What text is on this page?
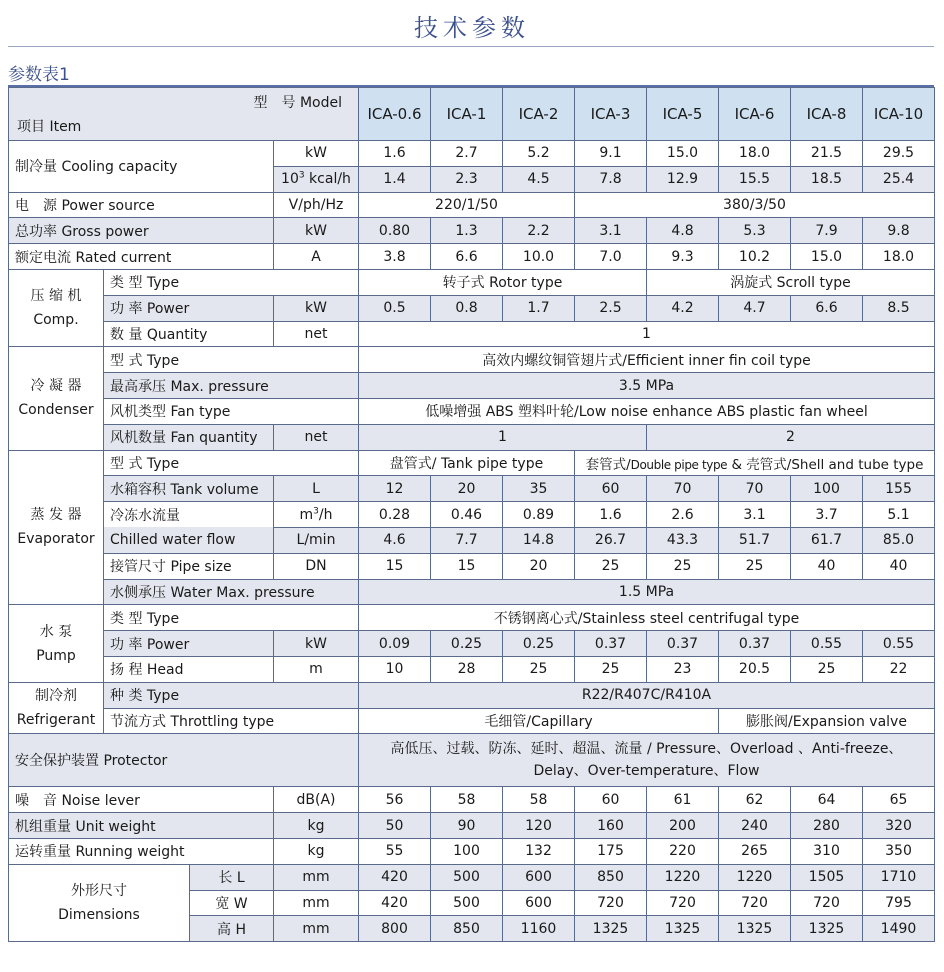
技术参数
参数表1
型　号 Model
项目 Item				ICA-0.6	ICA-1	ICA-2	ICA-3	ICA-5	ICA-6	ICA-8	ICA-10
制冷量 Cooling capacity			kW	1.6	2.7	5.2	9.1	15.0	18.0	21.5	29.5
			$10^3$ kcal/h	1.4	2.3	4.5	7.8	12.9	15.5	18.5	25.4
电　源 Power source			V/ph/Hz	220/1/50			380/3/50				
总功率 Gross power			kW	0.80	1.3	2.2	3.1	4.8	5.3	7.9	9.8
额定电流 Rated current			A	3.8	6.6	10.0	7.0	9.3	10.2	15.0	18.0

压 缩 机
Comp.	类 型 Type			转子式 Rotor type				涡旋式 Scroll type			
	功 率 Power		kW	0.5	0.8	1.7	2.5	4.2	4.7	6.6	8.5
	数 量 Quantity		net	1							

冷 凝 器
Condenser	型 式 Type			高效内螺纹铜管翅片式/Efficient inner fin coil type							
	最高承压 Max. pressure			3.5 MPa							
	风机类型 Fan type			低噪增强 ABS 塑料叶轮/Low noise enhance ABS plastic fan wheel							
	风机数量 Fan quantity		net	1				2			

蒸 发 器
Evaporator	型 式 Type			盘管式/ Tank pipe type			套管式/Double pipe type & 壳管式/Shell and tube type				
	水箱容积 Tank volume		L	12	20	35	60	70	70	100	155
	冷冻水流量		$m^3/h$	0.28	0.46	0.89	1.6	2.6	3.1	3.7	5.1
	Chilled water flow		L/min	4.6	7.7	14.8	26.7	43.3	51.7	61.7	85.0
	接管尺寸 Pipe size		DN	15	15	20	25	25	25	40	40
	水侧承压 Water Max. pressure			1.5 MPa							

水 泵
Pump	类 型 Type			不锈钢离心式/Stainless steel centrifugal type							
	功 率 Power		kW	0.09	0.25	0.25	0.37	0.37	0.37	0.55	0.55
	扬 程 Head		m	10	28	25	25	23	20.5	25	22

制冷剂
Refrigerant	种 类 Type			R22/R407C/R410A							
	节流方式 Throttling type			毛细管/Capillary					膨胀阀/Expansion valve		
安全保护装置 Protector				高低压、过载、防冻、延时、超温、流量 / Pressure、Overload 、Anti-freeze、
Delay、Over-temperature、Flow							

噪　音 Noise lever			dB(A)	56	58	58	60	61	62	64	65
机组重量 Unit weight			kg	50	90	120	160	200	240	280	320
运转重量 Running weight			kg	55	100	132	175	220	265	310	350

外形尺寸
Dimensions		长 L	mm	420	500	600	850	1220	1220	1505	1710
		宽 W	mm	420	500	600	720	720	720	720	795
		高 H	mm	800	850	1160	1325	1325	1325	1325	1490
